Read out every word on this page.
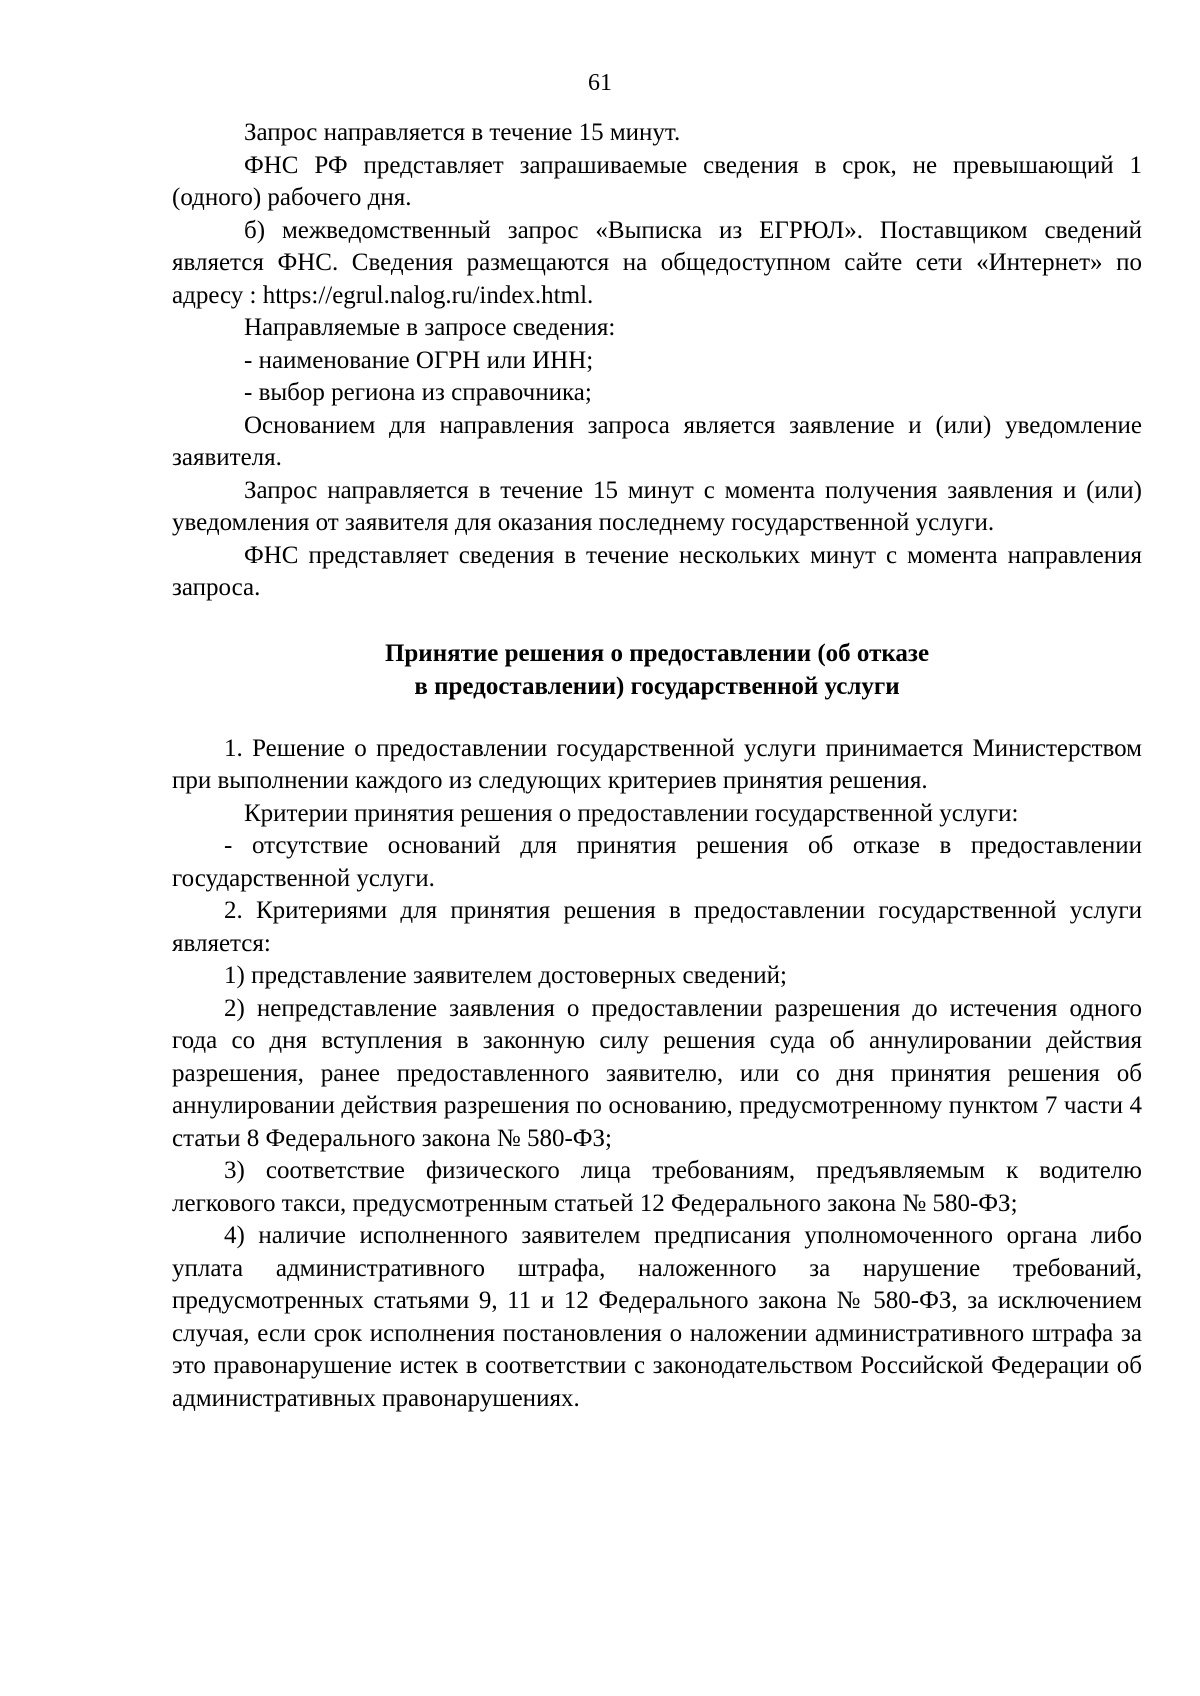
61

Запрос направляется в течение 15 минут.

ФНС РФ представляет запрашиваемые сведения в срок, не превышающий 1 (одного) рабочего дня.

б) межведомственный запрос «Выписка из ЕГРЮЛ». Поставщиком сведений является ФНС. Сведения размещаются на общедоступном сайте сети «Интернет» по адресу : https://egrul.nalog.ru/index.html.

Направляемые в запросе сведения:

- наименование ОГРН или ИНН;

- выбор региона из справочника;

Основанием для направления запроса является заявление и (или) уведомление заявителя.

Запрос направляется в течение 15 минут с момента получения заявления и (или) уведомления от заявителя для оказания последнему государственной услуги.

ФНС представляет сведения в течение нескольких минут с момента направления запроса.

Принятие решения о предоставлении (об отказе
в предоставлении) государственной услуги

1. Решение о предоставлении государственной услуги принимается Министерством при выполнении каждого из следующих критериев принятия решения.

Критерии принятия решения о предоставлении государственной услуги:

- отсутствие оснований для принятия решения об отказе в предоставлении государственной услуги.

2. Критериями для принятия решения в предоставлении государственной услуги является:

1) представление заявителем достоверных сведений;

2) непредставление заявления о предоставлении разрешения до истечения одного года со дня вступления в законную силу решения суда об аннулировании действия разрешения, ранее предоставленного заявителю, или со дня принятия решения об аннулировании действия разрешения по основанию, предусмотренному пунктом 7 части 4 статьи 8 Федерального закона № 580-ФЗ;

3) соответствие физического лица требованиям, предъявляемым к водителю легкового такси, предусмотренным статьей 12 Федерального закона № 580-ФЗ;

4) наличие исполненного заявителем предписания уполномоченного органа либо уплата административного штрафа, наложенного за нарушение требований, предусмотренных статьями 9, 11 и 12 Федерального закона № 580-ФЗ, за исключением случая, если срок исполнения постановления о наложении административного штрафа за это правонарушение истек в соответствии с законодательством Российской Федерации об административных правонарушениях.
